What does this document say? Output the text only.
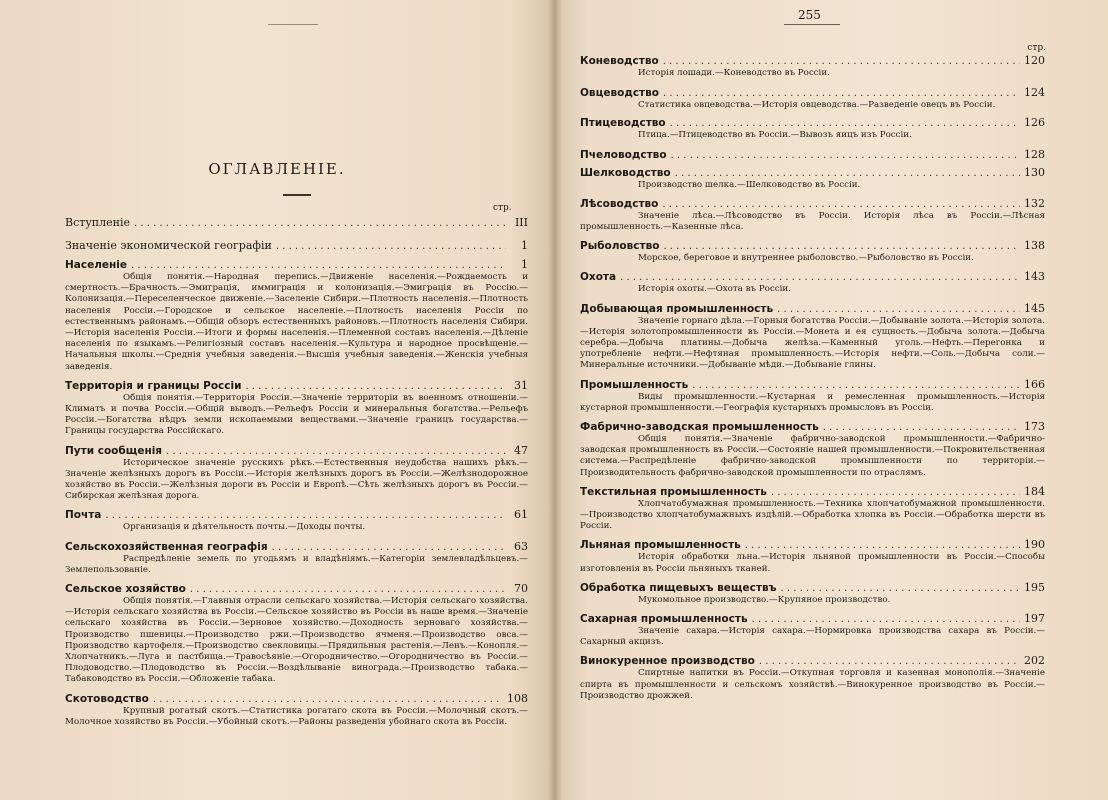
ОГЛАВЛЕНІЕ.
стр.
Вступленіе . . .	III
Значеніе экономической географіи . . .	1
Населеніе . . .	1

Общія понятія.—Народная перепись.—Движеніе населенія.—Рождаемость и смертность.—Брачность.—Эмиграція, иммиграція и колонизація.—Эмиграція въ Россію.—Колонизація.—Переселенческое движеніе.—Заселеніе Сибири.—Плотность населенія.—Плотность населенія Россіи.—Городское и сельское населеніе.—Плотность населенія Россіи по естественнымъ районамъ.—Общій обзоръ естественныхъ районовъ.—Плотность населенія Сибири.—Исторія населенія Россіи.—Итоги и формы населенія.—Племенной составъ населенія.—Дѣленіе населенія по языкамъ.—Религіозный составъ населенія.—Культура и народное просвѣщеніе.—Начальныя школы.—Среднія учебныя заведенія.—Высшія учебныя заведенія.—Женскія учебныя заведенія.

Территорія и границы Россіи . . .	31

Общія понятія.—Территорія Россіи.—Значеніе территоріи въ военномъ отношеніи.—Климатъ и почва Россіи.—Общій выводъ.—Рельефъ Россіи и минеральныя богатства.—Рельефъ Россіи.—Богатства нѣдръ земли ископаемыми веществами.—Значеніе границъ государства.—Границы государства Россійскаго.

Пути сообщенія . . .	47

Историческое значеніе русскихъ рѣкъ.—Естественныя неудобства нашихъ рѣкъ.—Значеніе желѣзныхъ дорогъ въ Россіи.—Исторія желѣзныхъ дорогъ въ Россіи.—Желѣзнодорожное хозяйство въ Россіи.—Желѣзныя дороги въ Россіи и Европѣ.—Сѣть желѣзныхъ дорогъ въ Россіи.—Сибирская желѣзная дорога.

Почта . . .	61

Организація и дѣятельность почты.—Доходы почты.

Сельскохозяйственная географія . . .	63

Распредѣленіе земель по угодьямъ и владѣніямъ.—Категоріи землевладѣльцевъ.—Землепользованіе.

Сельское хозяйство . . .	70

Общія понятія.—Главныя отрасли сельскаго хозяйства.—Исторія сельскаго хозяйства.—Исторія сельскаго хозяйства въ Россіи.—Сельское хозяйство въ Россіи въ наше время.—Значеніе сельскаго хозяйства въ Россіи.—Зерновое хозяйство.—Доходность зерноваго хозяйства.—Производство пшеницы.—Производство ржи.—Производство ячменя.—Производство овса.—Производство картофеля.—Производство свекловицы.—Прядильныя растенія.—Ленъ.—Конопля.—Хлопчатникъ.—Луга и пастбища.—Травосѣяніе.—Огородничество.—Огородничество въ Россіи.—Плодоводство.—Плодоводство въ Россіи.—Воздѣлываніе винограда.—Производство табака.—Табаководство въ Россіи.—Обложеніе табака.

Скотоводство . . .	108

Крупный рогатый скотъ.—Статистика рогатаго скота въ Россіи.—Молочный скотъ.—Молочное хозяйство въ Россіи.—Убойный скотъ.—Районы разведенія убойнаго скота въ Россіи.

255
стр.
Коневодство . . .	120

Исторія лошади.—Коневодство въ Россіи.

Овцеводство . . .	124

Статистика овцеводства.—Исторія овцеводства.—Разведеніе овецъ въ Россіи.

Птицеводство . . .	126

Птица.—Птицеводство въ Россіи.—Вывозъ яицъ изъ Россіи.

Пчеловодство . . .	128
Шелководство . . .	130

Производство шелка.—Шелководство въ Россіи.

Лѣсоводство . . .	132

Значеніе лѣса.—Лѣсоводство въ Россіи. Исторія лѣса въ Россіи.—Лѣсная промышленность.—Казенные лѣса.

Рыболовство . . .	138

Морское, береговое и внутреннее рыболовство.—Рыболовство въ Россіи.

Охота . . .	143

Исторія охоты.—Охота въ Россіи.

Добывающая промышленность . . .	145

Значеніе горнаго дѣла.—Горныя богатства Россіи.—Добываніе золота.—Исторія золота.—Исторія золотопромышленности въ Россіи.—Монета и ея сущность.—Добыча золота.—Добыча серебра.—Добыча платины.—Добыча желѣза.—Каменный уголь.—Нефть.—Перегонка и употребленіе нефти.—Нефтяная промышленность.—Исторія нефти.—Соль.—Добыча соли.—Минеральные источники.—Добываніе мѣди.—Добываніе глины.

Промышленность . . .	166

Виды промышленности.—Кустарная и ремесленная промышленность.—Исторія кустарной промышленности.—Географія кустарныхъ промысловъ въ Россіи.

Фабрично-заводская промышленность . . .	173

Общія понятія.—Значеніе фабрично-заводской промышленности.—Фабрично-заводская промышленность въ Россіи.—Состояніе нашей промышленности.—Покровительственная система.—Распредѣленіе фабрично-заводской промышленности по территоріи.—Производительность фабрично-заводской промышленности по отраслямъ.

Текстильная промышленность . . .	184

Хлопчатобумажная промышленность.—Техника хлопчатобумажной промышленности.—Производство хлопчатобумажныхъ издѣлій.—Обработка хлопка въ Россіи.—Обработка шерсти въ Россіи.

Льняная промышленность . . .	190

Исторія обработки льна.—Исторія льняной промышленности въ Россіи.—Способы изготовленія въ Россіи льняныхъ тканей.

Обработка пищевыхъ веществъ . . .	195

Мукомольное производство.—Крупяное производство.

Сахарная промышленность . . .	197

Значеніе сахара.—Исторія сахара.—Нормировка производства сахара въ Россіи.—Сахарный акцизъ.

Винокуренное производство . . .	202

Спиртные напитки въ Россіи.—Откупная торговля и казенная монополія.—Значеніе спирта въ промышленности и сельскомъ хозяйствѣ.—Винокуренное производство въ Россіи.—Производство дрожжей.
